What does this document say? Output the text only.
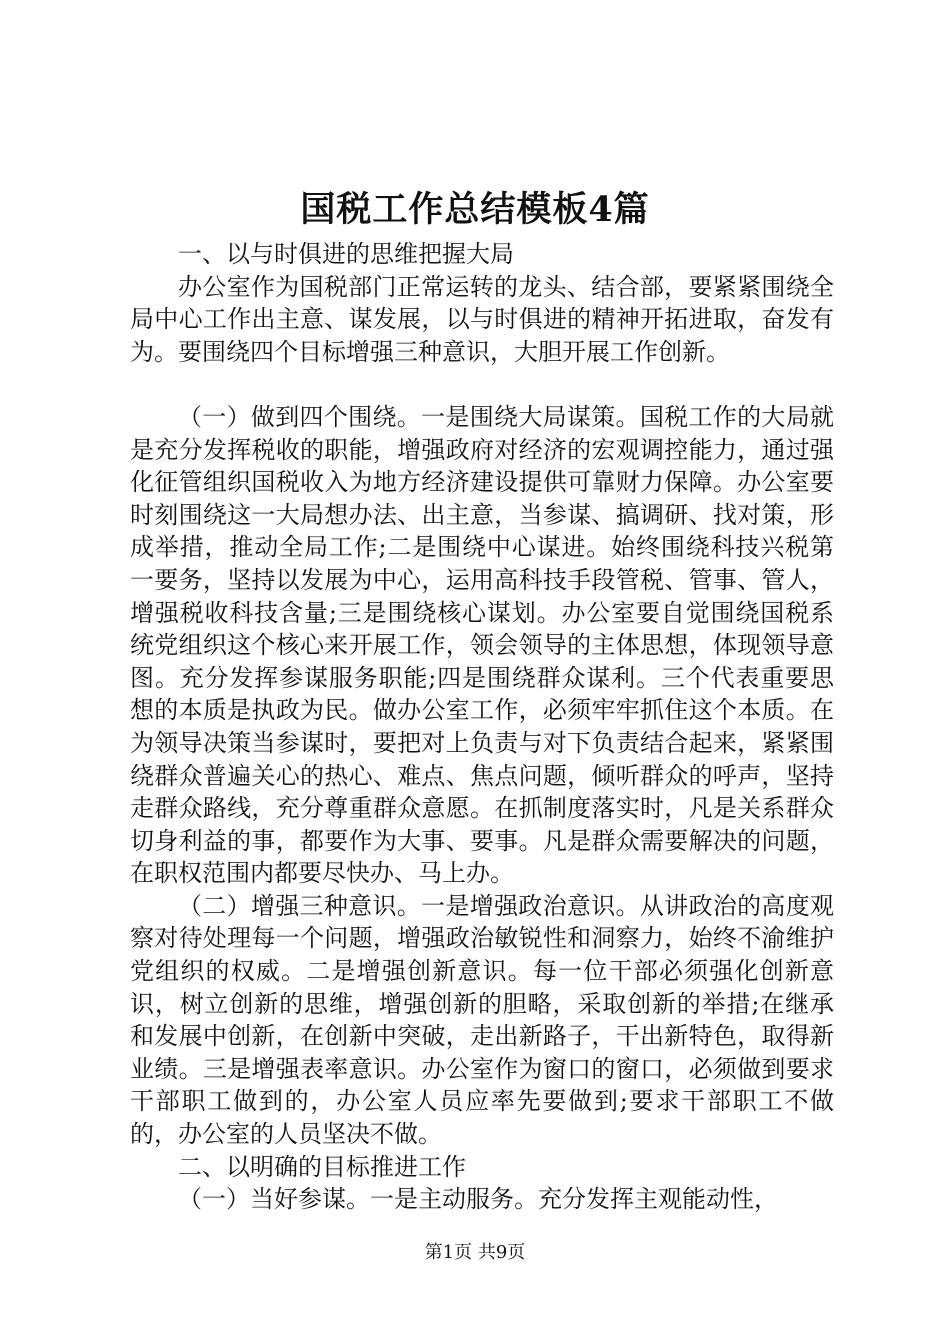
国税工作总结模板4篇

一、以与时俱进的思维把握大局

办公室作为国税部门正常运转的龙头、结合部，要紧紧围绕全局中心工作出主意、谋发展，以与时俱进的精神开拓进取，奋发有为。要围绕四个目标增强三种意识，大胆开展工作创新。

（一）做到四个围绕。一是围绕大局谋策。国税工作的大局就是充分发挥税收的职能，增强政府对经济的宏观调控能力，通过强化征管组织国税收入为地方经济建设提供可靠财力保障。办公室要时刻围绕这一大局想办法、出主意，当参谋、搞调研、找对策，形成举措，推动全局工作;二是围绕中心谋进。始终围绕科技兴税第一要务，坚持以发展为中心，运用高科技手段管税、管事、管人，增强税收科技含量;三是围绕核心谋划。办公室要自觉围绕国税系统党组织这个核心来开展工作，领会领导的主体思想，体现领导意图。充分发挥参谋服务职能;四是围绕群众谋利。三个代表重要思想的本质是执政为民。做办公室工作，必须牢牢抓住这个本质。在为领导决策当参谋时，要把对上负责与对下负责结合起来，紧紧围绕群众普遍关心的热心、难点、焦点问题，倾听群众的呼声，坚持走群众路线，充分尊重群众意愿。在抓制度落实时，凡是关系群众切身利益的事，都要作为大事、要事。凡是群众需要解决的问题，在职权范围内都要尽快办、马上办。

（二）增强三种意识。一是增强政治意识。从讲政治的高度观察对待处理每一个问题，增强政治敏锐性和洞察力，始终不渝维护党组织的权威。二是增强创新意识。每一位干部必须强化创新意识，树立创新的思维，增强创新的胆略，采取创新的举措;在继承和发展中创新，在创新中突破，走出新路子，干出新特色，取得新业绩。三是增强表率意识。办公室作为窗口的窗口，必须做到要求干部职工做到的，办公室人员应率先要做到;要求干部职工不做的，办公室的人员坚决不做。

二、以明确的目标推进工作

（一）当好参谋。一是主动服务。充分发挥主观能动性，

第1页 共9页
